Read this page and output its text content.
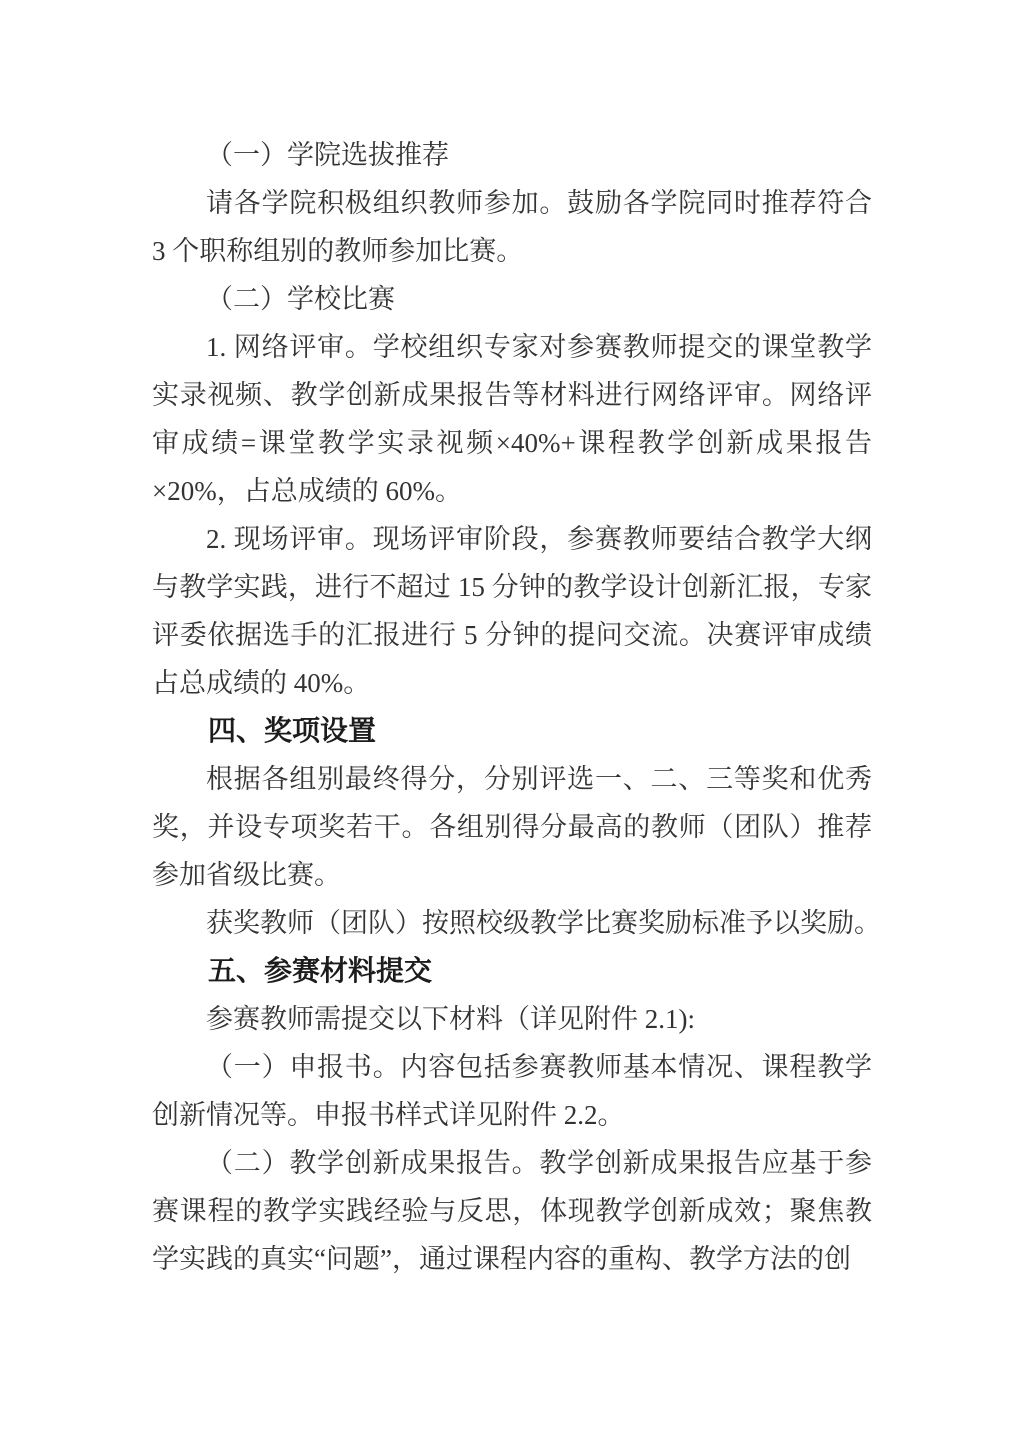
（一）学院选拔推荐

请各学院积极组织教师参加。鼓励各学院同时推荐符合 3 个职称组别的教师参加比赛。

（二）学校比赛

1. 网络评审。学校组织专家对参赛教师提交的课堂教学实录视频、教学创新成果报告等材料进行网络评审。网络评审成绩=课堂教学实录视频×40%+课程教学创新成果报告×20%，占总成绩的 60%。

2. 现场评审。现场评审阶段，参赛教师要结合教学大纲与教学实践，进行不超过 15 分钟的教学设计创新汇报，专家评委依据选手的汇报进行 5 分钟的提问交流。决赛评审成绩占总成绩的 40%。

四、奖项设置

根据各组别最终得分，分别评选一、二、三等奖和优秀奖，并设专项奖若干。各组别得分最高的教师（团队）推荐参加省级比赛。

获奖教师（团队）按照校级教学比赛奖励标准予以奖励。

五、参赛材料提交

参赛教师需提交以下材料（详见附件 2.1):

（一）申报书。内容包括参赛教师基本情况、课程教学创新情况等。申报书样式详见附件 2.2。

（二）教学创新成果报告。教学创新成果报告应基于参赛课程的教学实践经验与反思，体现教学创新成效；聚焦教学实践的真实“问题”，通过课程内容的重构、教学方法的创
